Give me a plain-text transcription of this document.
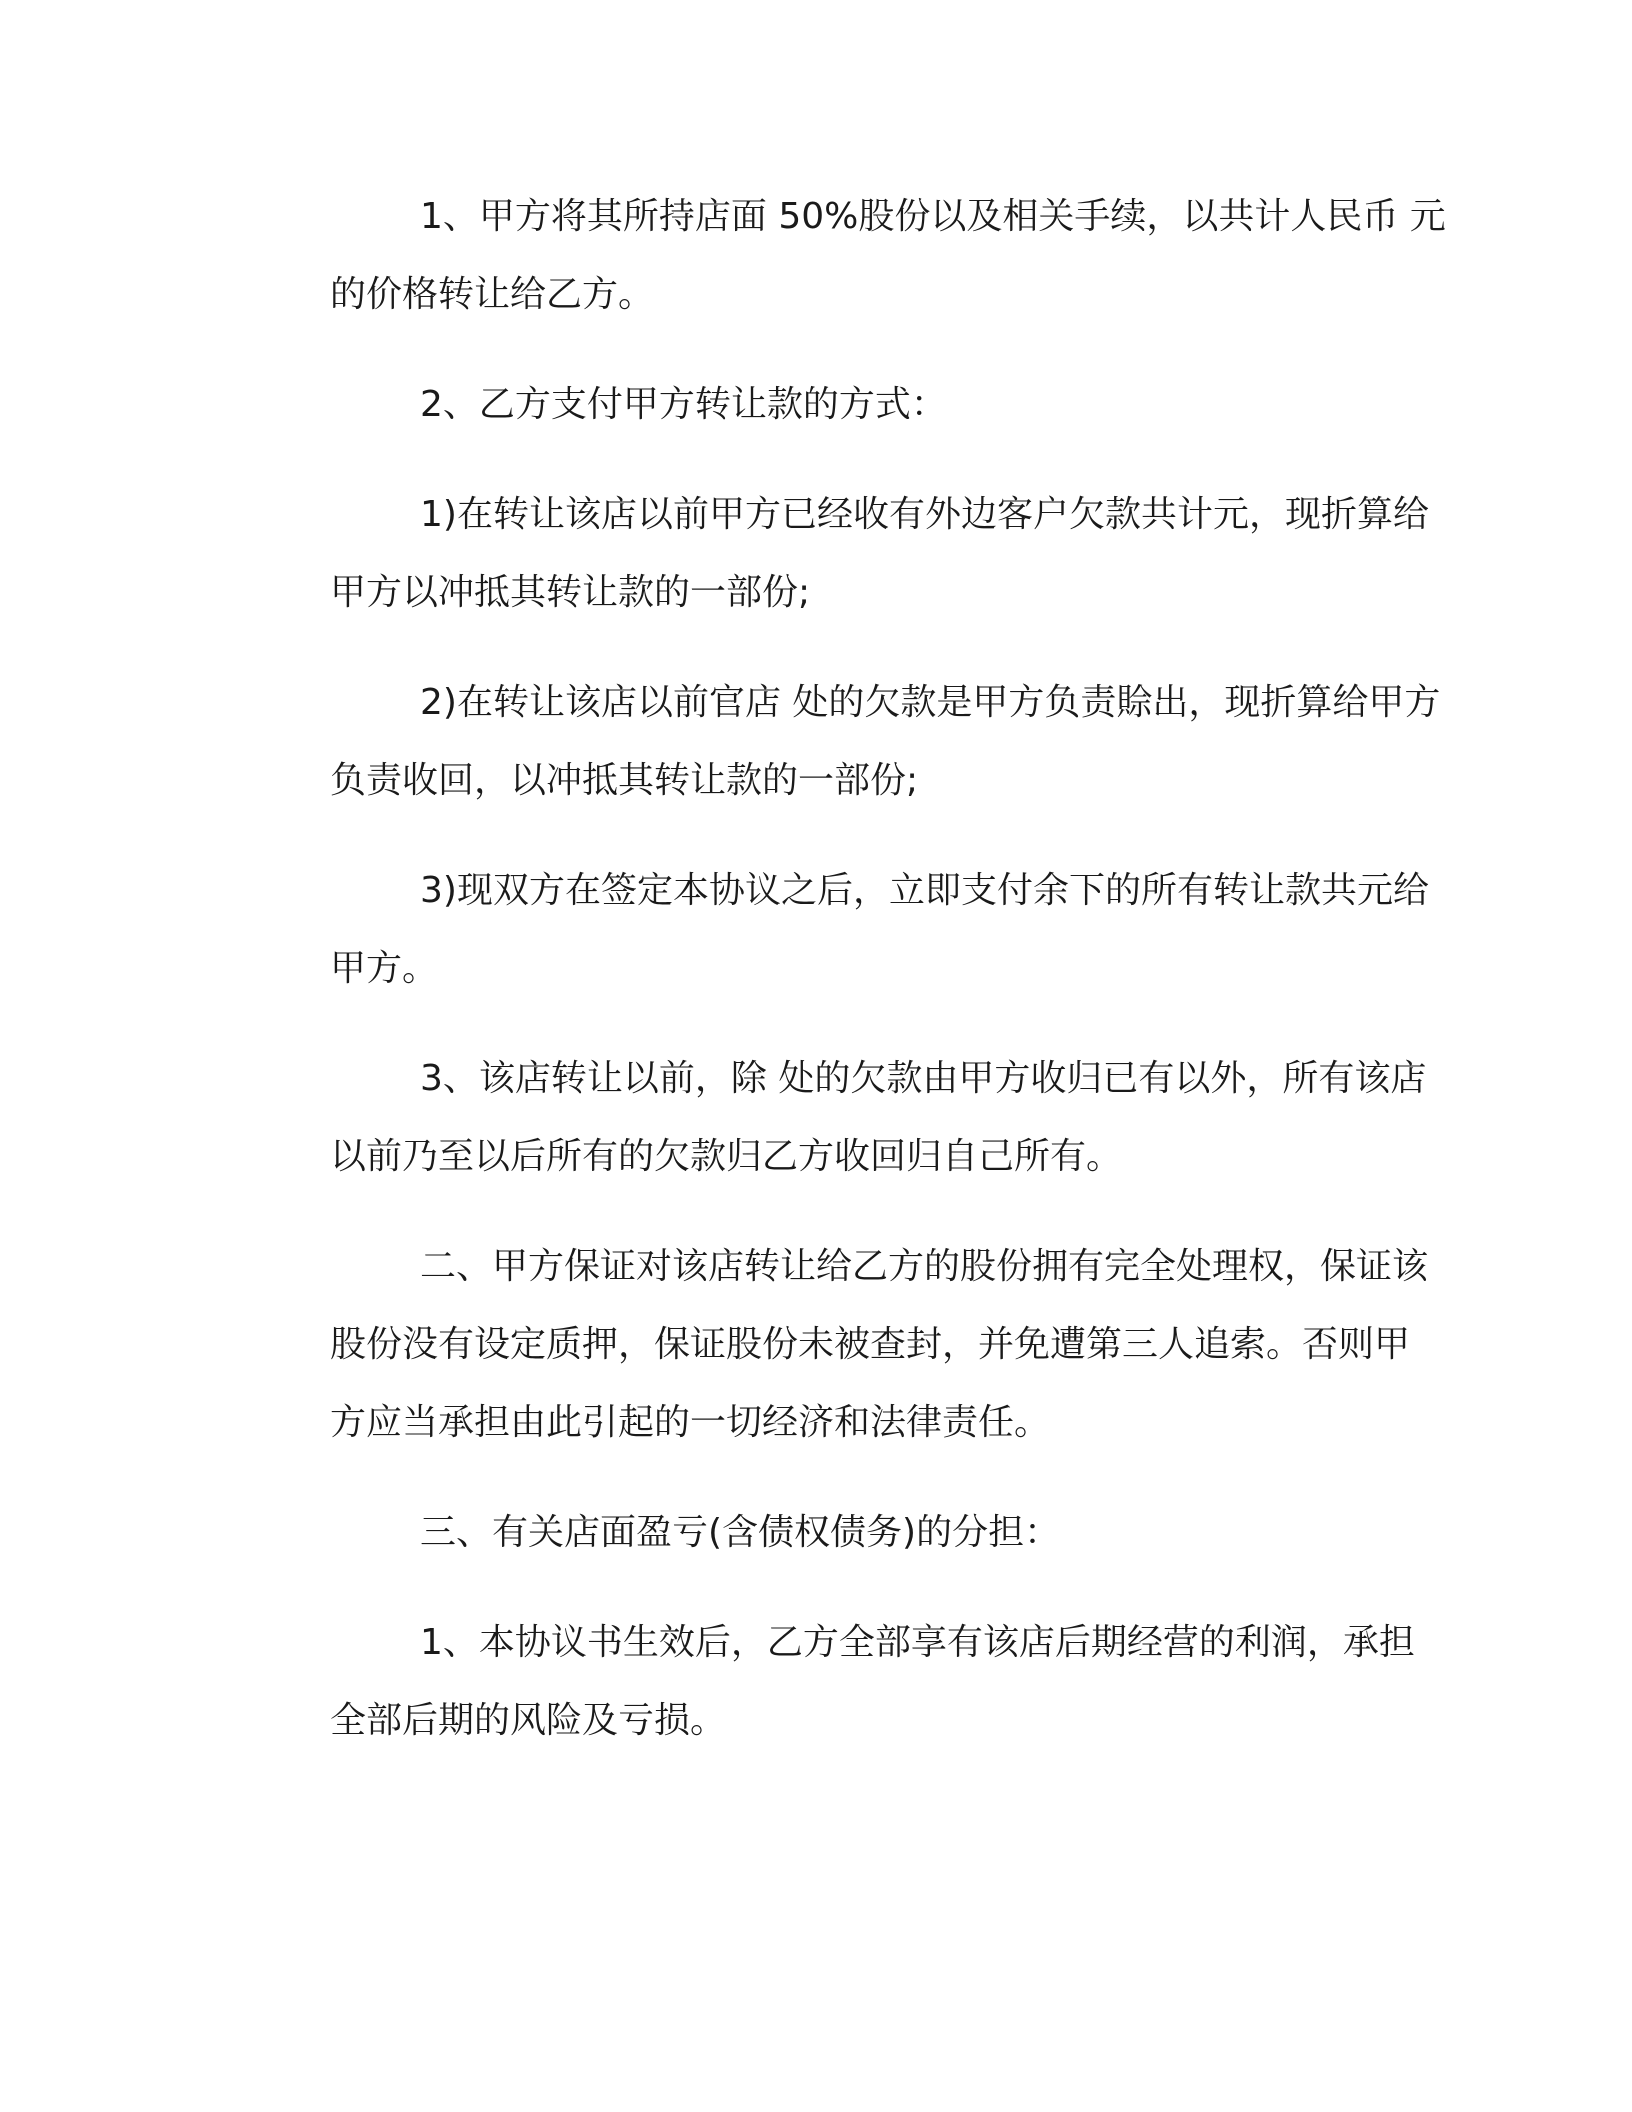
1、甲方将其所持店面 50%股份以及相关手续，以共计人民币 元
的价格转让给乙方。
2、乙方支付甲方转让款的方式：
1)在转让该店以前甲方已经收有外边客户欠款共计元，现折算给
甲方以冲抵其转让款的一部份;
2)在转让该店以前官店 处的欠款是甲方负责賒出，现折算给甲方
负责收回，以冲抵其转让款的一部份;
3)现双方在签定本协议之后，立即支付余下的所有转让款共元给
甲方。
3、该店转让以前，除 处的欠款由甲方收归已有以外，所有该店
以前乃至以后所有的欠款归乙方收回归自己所有。
二、甲方保证对该店转让给乙方的股份拥有完全处理权，保证该
股份没有设定质押，保证股份未被查封，并免遭第三人追索。否则甲
方应当承担由此引起的一切经济和法律责任。
三、有关店面盈亏(含债权债务)的分担：
1、本协议书生效后，乙方全部享有该店后期经营的利润，承担
全部后期的风险及亏损。
